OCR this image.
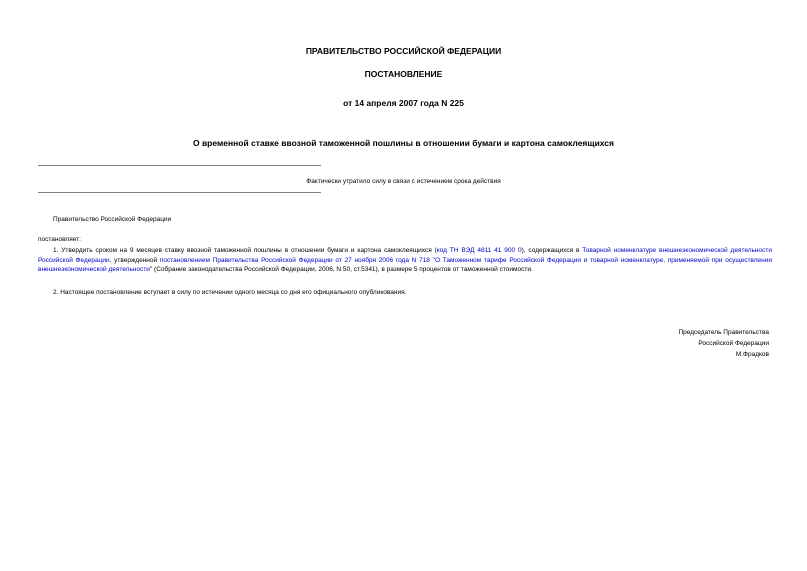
ПРАВИТЕЛЬСТВО РОССИЙСКОЙ ФЕДЕРАЦИИ
ПОСТАНОВЛЕНИЕ
от 14 апреля 2007 года N 225
О временной ставке ввозной таможенной пошлины в отношении бумаги и картона самоклеящихся
Фактически утратило силу в связи с истечением срока действия
Правительство Российской Федерации
постановляет:
1. Утвердить сроком на 9 месяцев ставку ввозной таможенной пошлины в отношении бумаги и картона самоклеящихся (код ТН ВЭД 4811 41 900 0), содержащихся в Товарной номенклатуре внешнеэкономической деятельности Российской Федерации, утвержденной постановлением Правительства Российской Федерации от 27 ноября 2006 года N 718 "О Таможенном тарифе Российской Федерации и товарной номенклатуре, применяемой при осуществлении внешнеэкономической деятельности" (Собрание законодательства Российской Федерации, 2006, N 50, ст.5341), в размере 5 процентов от таможенной стоимости.
2. Настоящее постановление вступает в силу по истечении одного месяца со дня его официального опубликования.
Председатель Правительства
Российской Федерации
М.Фрадков
